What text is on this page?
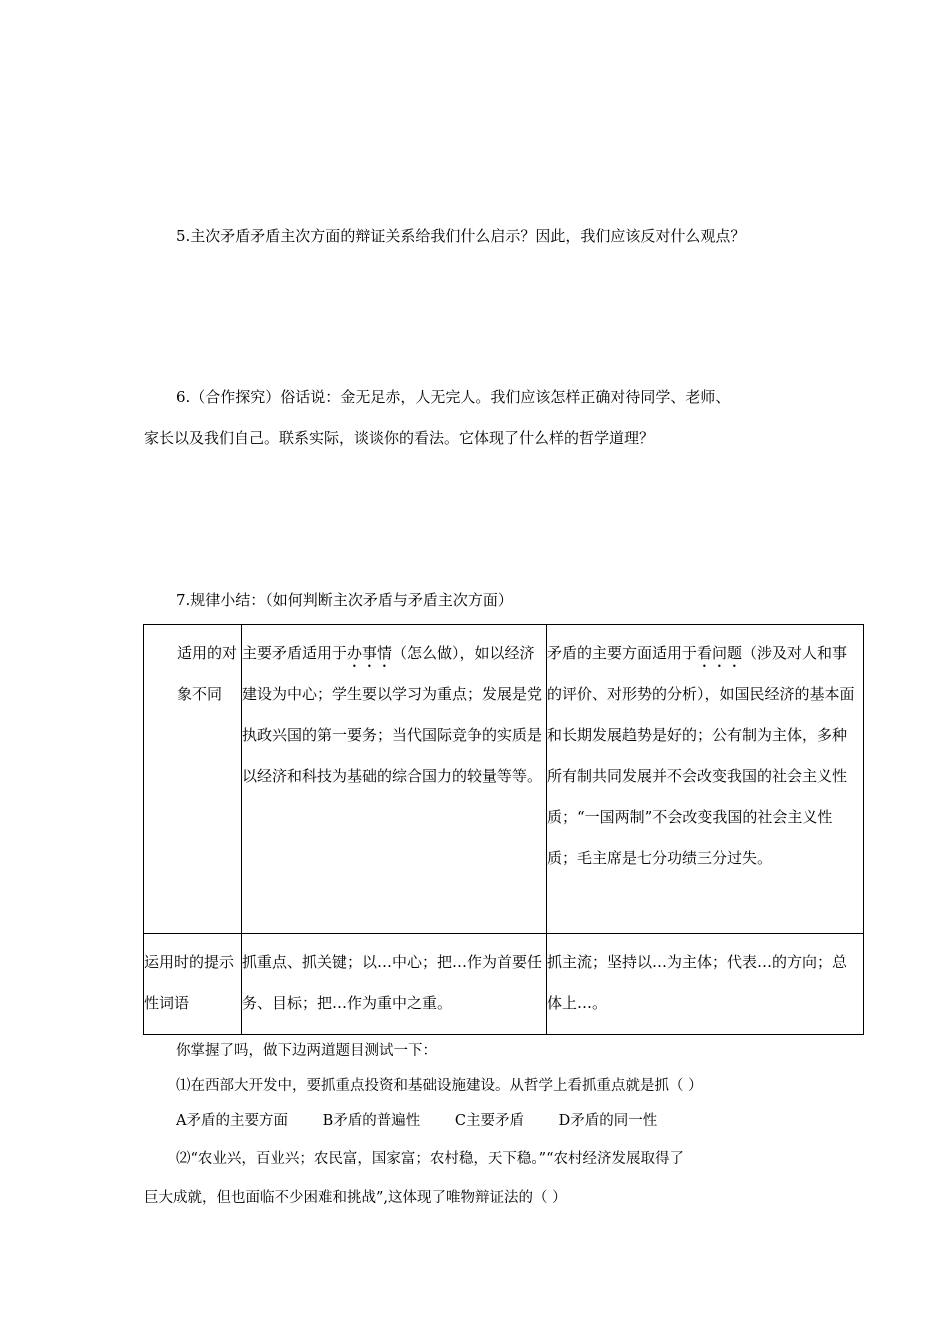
5.主次矛盾矛盾主次方面的辩证关系给我们什么启示？因此，我们应该反对什么观点？
6.（合作探究）俗话说：金无足赤，人无完人。我们应该怎样正确对待同学、老师、
家长以及我们自己。联系实际，谈谈你的看法。它体现了什么样的哲学道理？
7.规律小结：（如何判断主次矛盾与矛盾主次方面）
适用的对象不同	主要矛盾适用于办事情（怎么做），如以经济建设为中心；学生要以学习为重点；发展是党执政兴国的第一要务；当代国际竞争的实质是以经济和科技为基础的综合国力的较量等等。	矛盾的主要方面适用于看问题（涉及对人和事的评价、对形势的分析），如国民经济的基本面和长期发展趋势是好的；公有制为主体，多种所有制共同发展并不会改变我国的社会主义性质；“一国两制”不会改变我国的社会主义性质；毛主席是七分功绩三分过失。

运用时的提示性词语	抓重点、抓关键；以…中心；把…作为首要任务、目标；把…作为重中之重。	抓主流；坚持以…为主体；代表…的方向；总体上…。
你掌握了吗，做下边两道题目测试一下：
⑴在西部大开发中，要抓重点投资和基础设施建设。从哲学上看抓重点就是抓（ ）
A矛盾的主要方面 B矛盾的普遍性 C主要矛盾 D矛盾的同一性
⑵“农业兴，百业兴；农民富，国家富；农村稳，天下稳。”“农村经济发展取得了
巨大成就，但也面临不少困难和挑战”,这体现了唯物辩证法的（ ）
